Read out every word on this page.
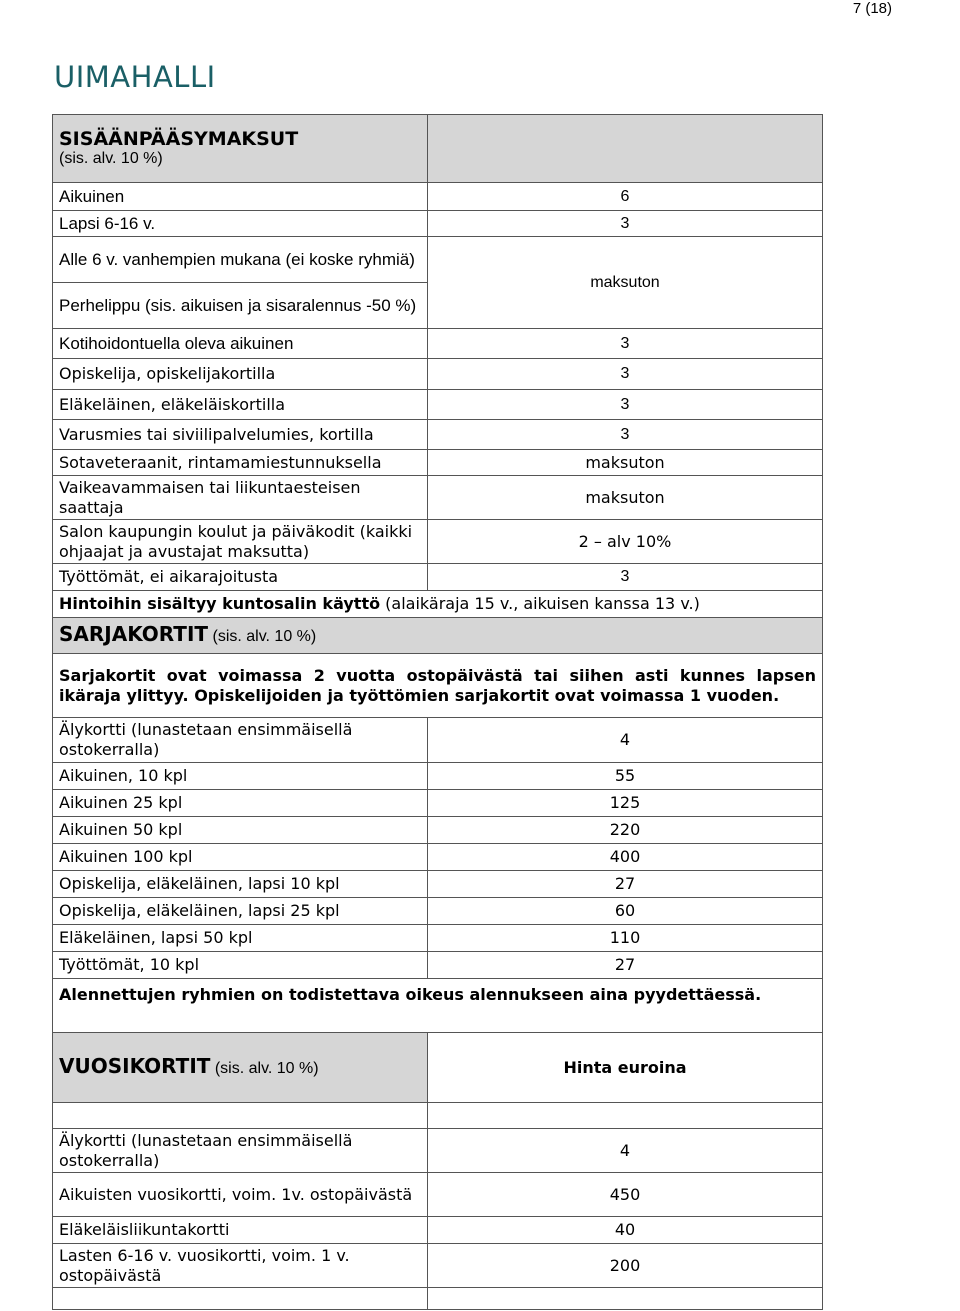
7 (18)
UIMAHALLI
SISÄÄNPÄÄSYMAKSUT
(sis. alv. 10 %)	

Aikuinen	6
Lapsi 6-16 v.	3
Alle 6 v. vanhempien mukana (ei koske ryhmiä)	maksuton
Perhelippu (sis. aikuisen ja sisaralennus -50 %)	
Kotihoidontuella oleva aikuinen	3
Opiskelija, opiskelijakortilla	3
Eläkeläinen, eläkeläiskortilla	3
Varusmies tai siviilipalvelumies, kortilla	3
Sotaveteraanit, rintamamiestunnuksella	maksuton
Vaikeavammaisen tai liikuntaesteisen saattaja	maksuton
Salon kaupungin koulut ja päiväkodit (kaikki ohjaajat ja avustajat maksutta)	2 – alv 10%
Työttömät, ei aikarajoitusta	3
Hintoihin sisältyy kuntosalin käyttö (alaikäraja 15 v., aikuisen kanssa 13 v.)	
SARJAKORTIT (sis. alv. 10 %)	
Sarjakortit ovat voimassa 2 vuotta ostopäivästä tai siihen asti kunnes lapsen ikäraja ylittyy. Opiskelijoiden ja työttömien sarjakortit ovat voimassa 1 vuoden.	
Älykortti (lunastetaan ensimmäisellä ostokerralla)	4
Aikuinen, 10 kpl	55
Aikuinen 25 kpl	125
Aikuinen 50 kpl	220
Aikuinen 100 kpl	400
Opiskelija, eläkeläinen, lapsi 10 kpl	27
Opiskelija, eläkeläinen, lapsi 25 kpl	60
Eläkeläinen, lapsi 50 kpl	110
Työttömät, 10 kpl	27
Alennettujen ryhmien on todistettava oikeus alennukseen aina pyydettäessä.	
VUOSIKORTIT (sis. alv. 10 %)	Hinta euroina

Älykortti (lunastetaan ensimmäisellä ostokerralla)	4
Aikuisten vuosikortti, voim. 1v. ostopäivästä	450
Eläkeläisliikuntakortti	40
Lasten 6-16 v. vuosikortti, voim. 1 v. ostopäivästä	200
